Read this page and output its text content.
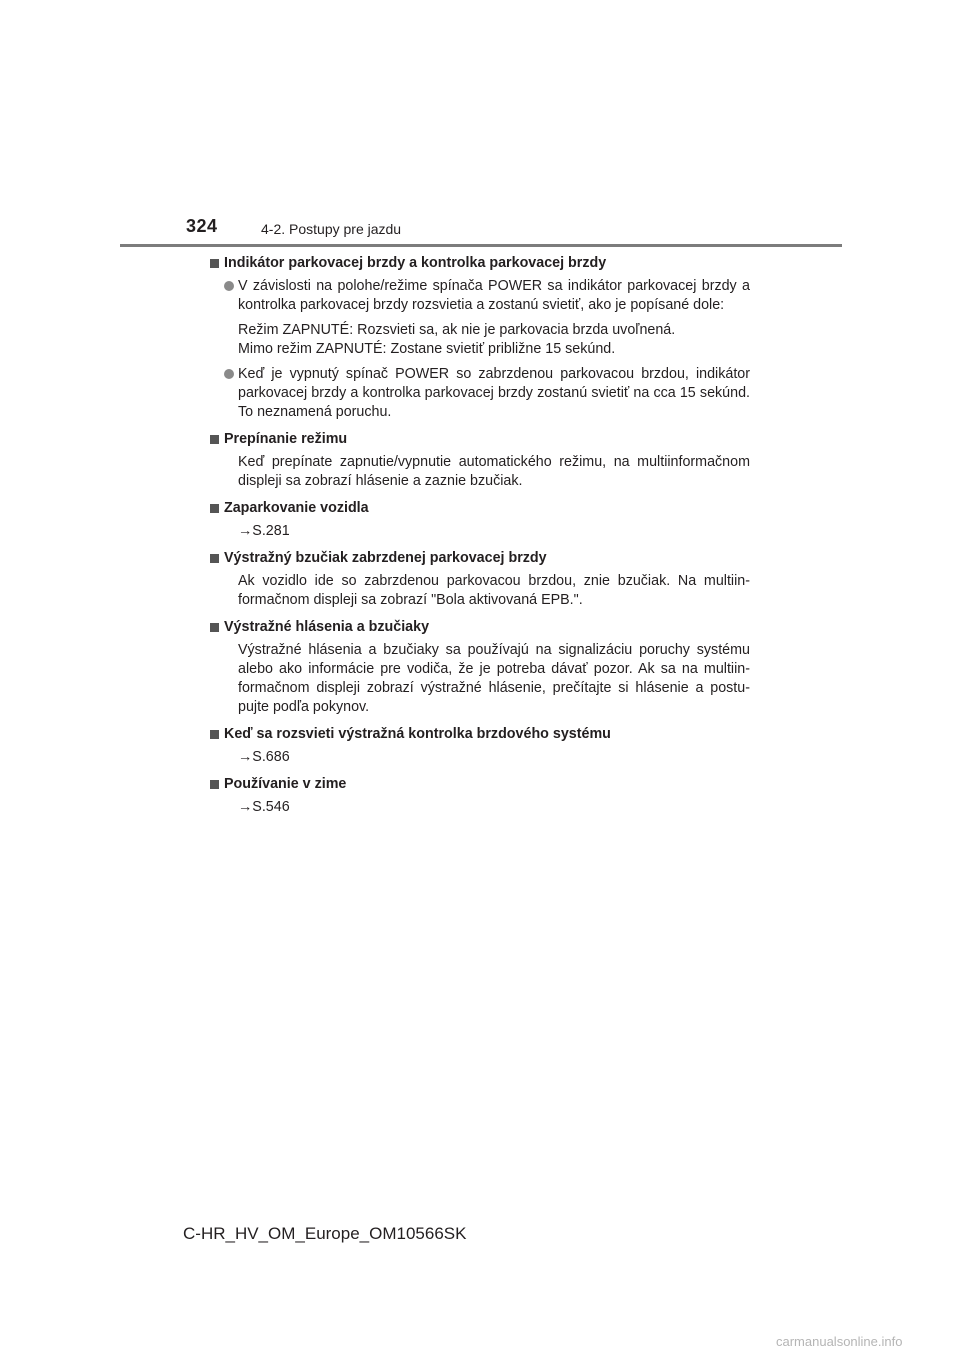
324	4-2. Postupy pre jazdu
Indikátor parkovacej brzdy a kontrolka parkovacej brzdy
V závislosti na polohe/režime spínača POWER sa indikátor parkovacej brzdy a kontrolka parkovacej brzdy rozsvietia a zostanú svietiť, ako je popísané dole:
Režim ZAPNUTÉ: Rozsvieti sa, ak nie je parkovacia brzda uvoľnená.
Mimo režim ZAPNUTÉ: Zostane svietiť približne 15 sekúnd.
Keď je vypnutý spínač POWER so zabrzdenou parkovacou brzdou, indikátor parkovacej brzdy a kontrolka parkovacej brzdy zostanú svietiť na cca 15 sekúnd. To neznamená poruchu.
Prepínanie režimu
Keď prepínate zapnutie/vypnutie automatického režimu, na multiinformačnom displeji sa zobrazí hlásenie a zaznie bzučiak.
Zaparkovanie vozidla
→S.281
Výstražný bzučiak zabrzdenej parkovacej brzdy
Ak vozidlo ide so zabrzdenou parkovacou brzdou, znie bzučiak. Na multiin-formačnom displeji sa zobrazí "Bola aktivovaná EPB.".
Výstražné hlásenia a bzučiaky
Výstražné hlásenia a bzučiaky sa používajú na signalizáciu poruchy systému alebo ako informácie pre vodiča, že je potreba dávať pozor. Ak sa na multiin-formačnom displeji zobrazí výstražné hlásenie, prečítajte si hlásenie a postu-pujte podľa pokynov.
Keď sa rozsvieti výstražná kontrolka brzdového systému
→S.686
Používanie v zime
→S.546
C-HR_HV_OM_Europe_OM10566SK
carmanualsonline.info
